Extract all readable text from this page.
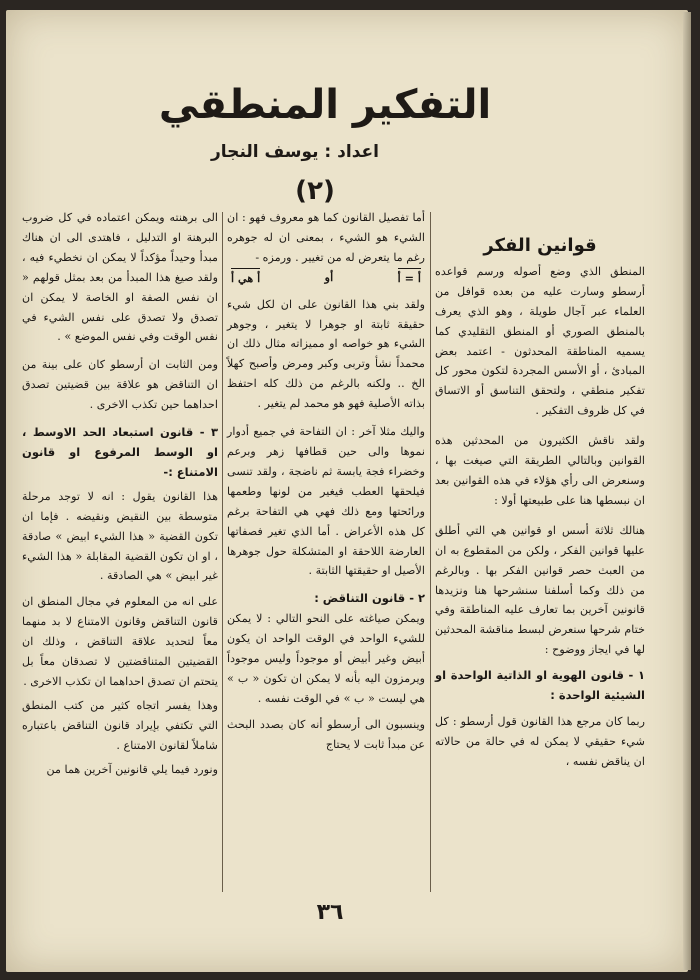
التفكير المنطقي
اعداد : يوسف النجار
(٢)
قوانين الفكر

المنطق الذي وضع أصوله ورسم قواعده أرسطو وسارت عليه من بعده قوافل من العلماء عبر آجال طويلة ، وهو الذي يعرف بالمنطق الصوري أو المنطق التقليدي كما يسميه المناطقة المحدثون - اعتمد بعض المبادئ ، أو الأسس المجردة لتكون محور كل تفكير منطقي ، ولتحقق التناسق أو الاتساق في كل ظروف التفكير .

ولقد ناقش الكثيرون من المحدثين هذه القوانين وبالتالي الطريقة التي صيغت بها ، وسنعرض الى رأي هؤلاء في هذه القوانين بعد ان نبسطها هنا على طبيعتها أولا :

هنالك ثلاثة أسس او قوانين هي التي أطلق عليها قوانين الفكر ، ولكن من المقطوع به ان من العبث حصر قوانين الفكر بها . وبالرغم من ذلك وكما أسلفنا سنشرحها هنا ونزيدها قانونين آخرين بما تعارف عليه المناطقة وفي ختام شرحها سنعرض لبسط مناقشة المحدثين لها في ايجاز ووضوح :

١ - قانون الهوية او الذاتية الواحدة او الشيئية الواحدة :

ربما كان مرجع هذا القانون قول أرسطو : كل شيء حقيقي لا يمكن له في حالة من حالاته ان يناقض نفسه ،

أما تفصيل القانون كما هو معروف فهو : ان الشيء هو الشيء ، بمعنى ان له جوهره رغم ما يتعرض له من تغيير . ورمزه -

أ = أ
أو
أ هي أ

ولقد بني هذا القانون على ان لكل شيء حقيقة ثابتة او جوهرا لا يتغير ، وجوهر الشيء هو خواصه او مميزاته مثال ذلك ان محمداً نشأ وتربى وكبر ومرض وأصبح كهلاً الخ .. ولكنه بالرغم من ذلك كله احتفظ بذاته الأصلية فهو هو محمد لم يتغير .

واليك مثلا آخر : ان التفاحة في جميع أدوار نموها والى حين قطافها زهر وبرعم وخضراء فجة يابسة ثم ناضجة ، ولقد تنسى فيلحقها العطب فيغير من لونها وطعمها ورائحتها ومع ذلك فهي هي التفاحة برغم كل هذه الأعراض . أما الذي تغير فصفاتها العارضة اللاحقة او المتشكلة حول جوهرها الأصيل او حقيقتها الثابتة .

٢ - قانون التناقض :

ويمكن صياغته على النحو التالي : لا يمكن للشيء الواحد في الوقت الواحد ان يكون أبيض وغير أبيض أو موجوداً وليس موجوداً ويرمزون اليه بأنه لا يمكن ان تكون « ب » هي ليست « ب » في الوقت نفسه .

وينسبون الى أرسطو أنه كان بصدد البحث عن مبدأ ثابت لا يحتاج

الى برهنته ويمكن اعتماده في كل ضروب البرهنة او التدليل ، فاهتدى الى ان هناك مبدأ وحيداً مؤكداً لا يمكن ان نخطيء فيه ، ولقد صيغ هذا المبدأ من بعد بمثل قولهم « ان نفس الصفة او الخاصة لا يمكن ان تصدق ولا تصدق على نفس الشيء في نفس الوقت وفي نفس الموضع » .

ومن الثابت ان أرسطو كان على بينة من ان التناقض هو علاقة بين قضيتين تصدق احداهما حين تكذب الاخرى .

٣ - قانون استبعاد الحد الاوسط ، او الوسط المرفوع او قانون الامتناع :-

هذا القانون يقول : انه لا توجد مرحلة متوسطة بين النقيض ونقيضه . فإما ان تكون القضية « هذا الشيء ابيض » صادقة ، او ان تكون القضية المقابلة « هذا الشيء غير ابيض » هي الصادقة .

على انه من المعلوم في مجال المنطق ان قانون التناقض وقانون الامتناع لا بد منهما معاً لتحديد علاقة التناقض ، وذلك ان القضيتين المتناقضتين لا تصدقان معاً بل يتحتم ان تصدق احداهما ان تكذب الاخرى .

وهذا يفسر اتجاه كثير من كتب المنطق التي تكتفي بإيراد قانون التناقض باعتباره شاملاً لقانون الامتناع .

ونورد فيما يلي قانونين آخرين هما من

٣٦
